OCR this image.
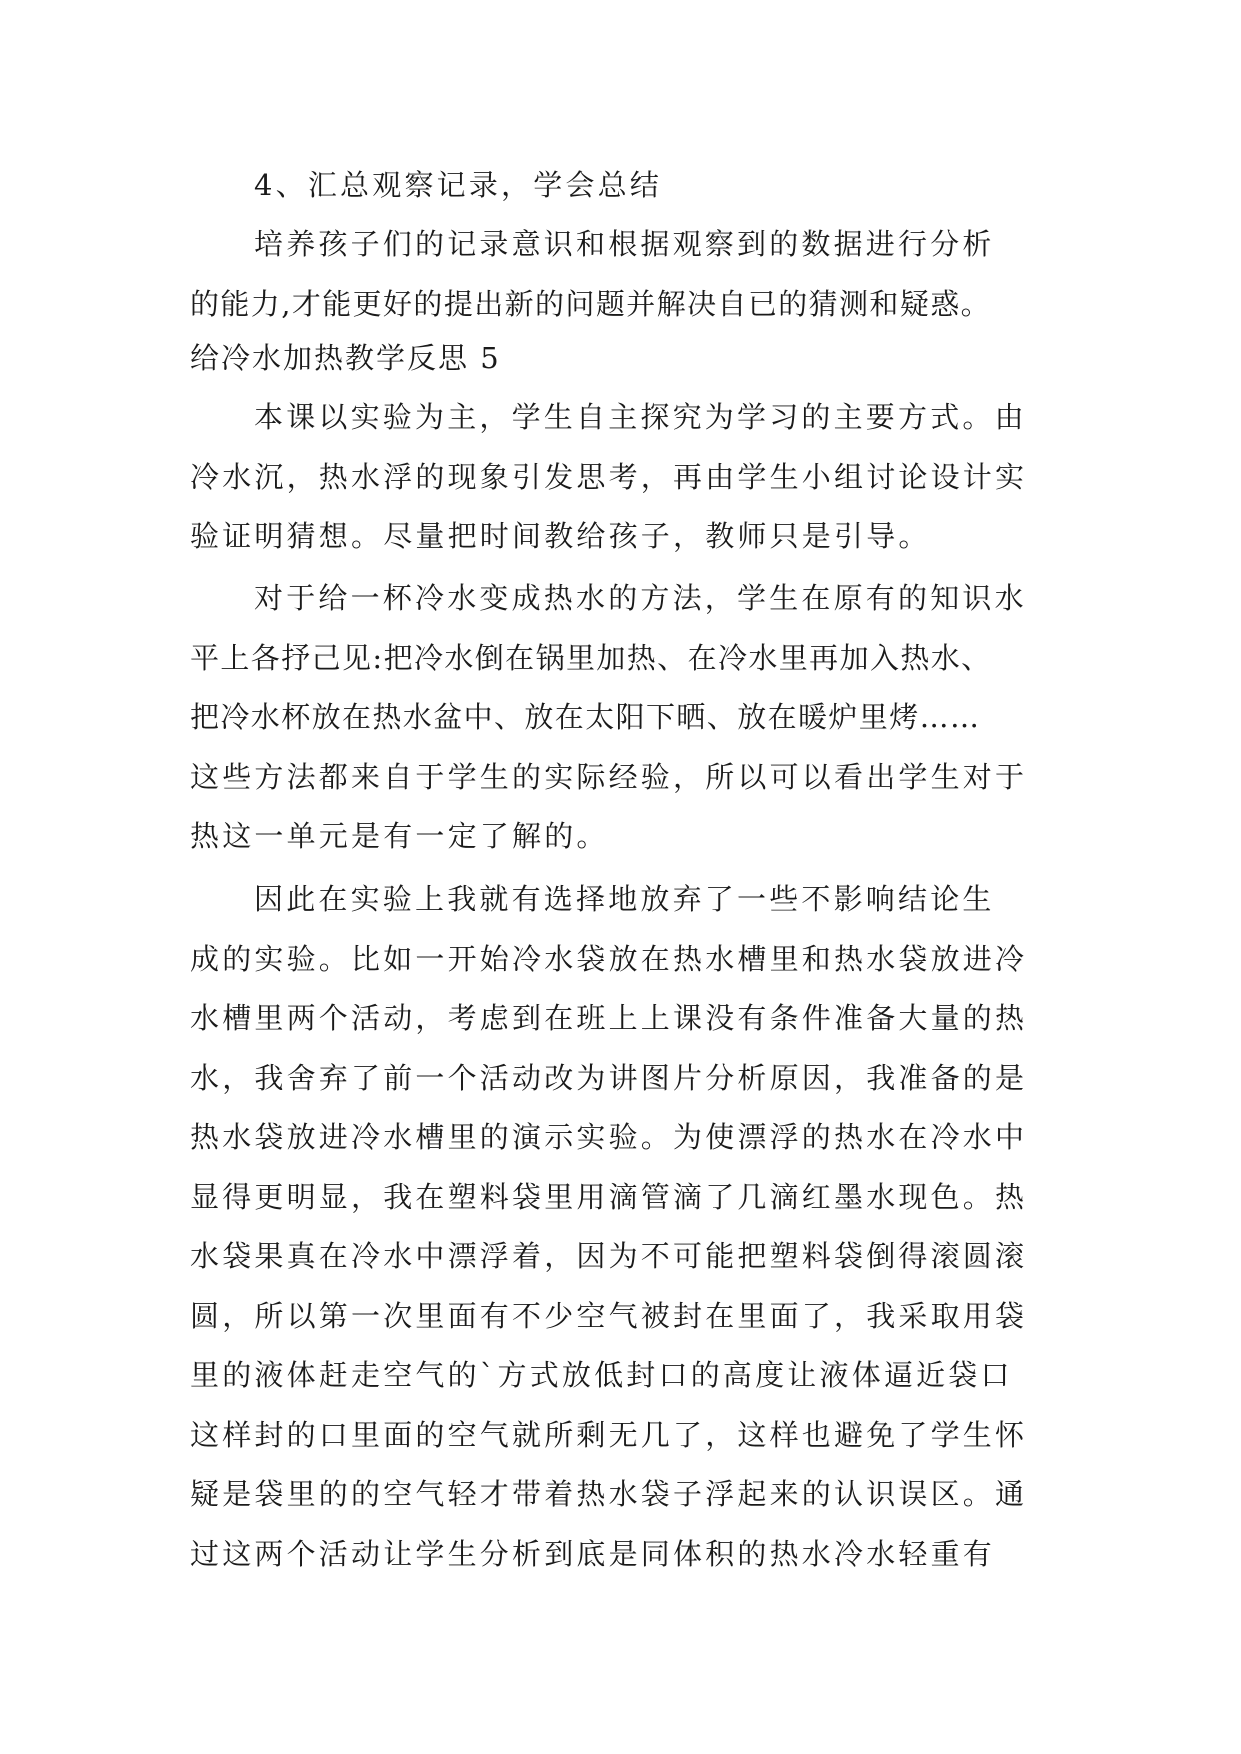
4、汇总观察记录，学会总结
培养孩子们的记录意识和根据观察到的数据进行分析
的能力,才能更好的提出新的问题并解决自已的猜测和疑惑。
给冷水加热教学反思 5
本课以实验为主，学生自主探究为学习的主要方式。由
冷水沉，热水浮的现象引发思考，再由学生小组讨论设计实
验证明猜想。尽量把时间教给孩子，教师只是引导。
对于给一杯冷水变成热水的方法，学生在原有的知识水
平上各抒己见:把冷水倒在锅里加热、在冷水里再加入热水、
把冷水杯放在热水盆中、放在太阳下晒、放在暖炉里烤……
这些方法都来自于学生的实际经验，所以可以看出学生对于
热这一单元是有一定了解的。
因此在实验上我就有选择地放弃了一些不影响结论生
成的实验。比如一开始冷水袋放在热水槽里和热水袋放进冷
水槽里两个活动，考虑到在班上上课没有条件准备大量的热
水，我舍弃了前一个活动改为讲图片分析原因，我准备的是
热水袋放进冷水槽里的演示实验。为使漂浮的热水在冷水中
显得更明显，我在塑料袋里用滴管滴了几滴红墨水现色。热
水袋果真在冷水中漂浮着，因为不可能把塑料袋倒得滚圆滚
圆，所以第一次里面有不少空气被封在里面了，我采取用袋
里的液体赶走空气的`方式放低封口的高度让液体逼近袋口
这样封的口里面的空气就所剩无几了，这样也避免了学生怀
疑是袋里的的空气轻才带着热水袋子浮起来的认识误区。通
过这两个活动让学生分析到底是同体积的热水冷水轻重有
